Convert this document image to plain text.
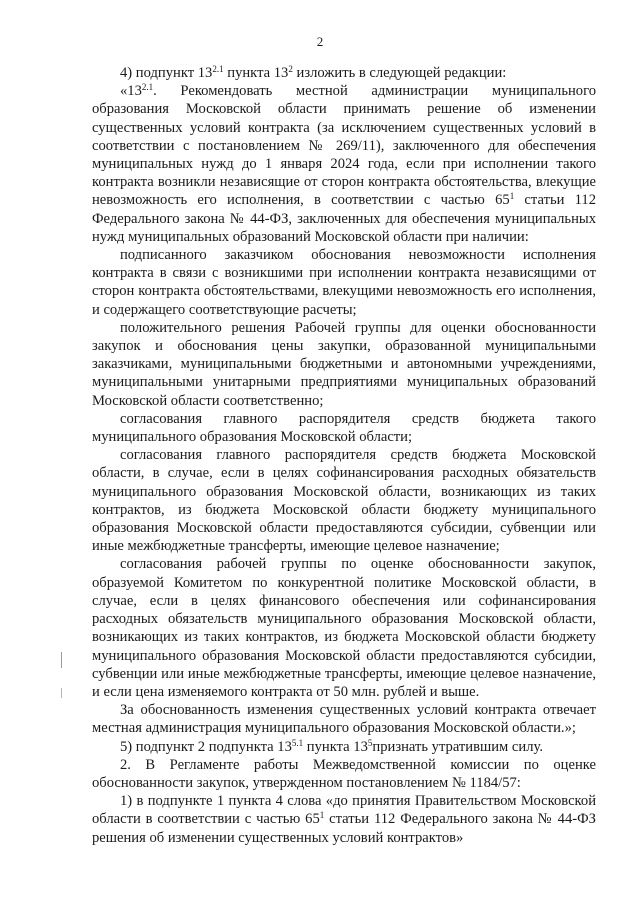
2

4) подпункт $13^{2.1}$ пункта $13^2$ изложить в следующей редакции:

«$13^{2.1}$. Рекомендовать местной администрации муниципального образования Московской области принимать решение об изменении существенных условий контракта (за исключением существенных условий в соответствии с постановлением № 269/11), заключенного для обеспечения муниципальных нужд до 1 января 2024 года, если при исполнении такого контракта возникли независящие от сторон контракта обстоятельства, влекущие невозможность его исполнения, в соответствии с частью $65^1$ статьи 112 Федерального закона № 44-ФЗ, заключенных для обеспечения муниципальных нужд муниципальных образований Московской области при наличии:

подписанного заказчиком обоснования невозможности исполнения контракта в связи с возникшими при исполнении контракта независящими от сторон контракта обстоятельствами, влекущими невозможность его исполнения, и содержащего соответствующие расчеты;

положительного решения Рабочей группы для оценки обоснованности закупок и обоснования цены закупки, образованной муниципальными заказчиками, муниципальными бюджетными и автономными учреждениями, муниципальными унитарными предприятиями муниципальных образований Московской области соответственно;

согласования главного распорядителя средств бюджета такого муниципального образования Московской области;

согласования главного распорядителя средств бюджета Московской области, в случае, если в целях софинансирования расходных обязательств муниципального образования Московской области, возникающих из таких контрактов, из бюджета Московской области бюджету муниципального образования Московской области предоставляются субсидии, субвенции или иные межбюджетные трансферты, имеющие целевое назначение;

согласования рабочей группы по оценке обоснованности закупок, образуемой Комитетом по конкурентной политике Московской области, в случае, если в целях финансового обеспечения или софинансирования расходных обязательств муниципального образования Московской области, возникающих из таких контрактов, из бюджета Московской области бюджету муниципального образования Московской области предоставляются субсидии, субвенции или иные межбюджетные трансферты, имеющие целевое назначение, и если цена изменяемого контракта от 50 млн. рублей и выше.

За обоснованность изменения существенных условий контракта отвечает местная администрация муниципального образования Московской области.»;

5) подпункт 2 подпункта $13^{5.1}$ пункта $13^5признать$ утратившим силу.

2. В Регламенте работы Межведомственной комиссии по оценке обоснованности закупок, утвержденном постановлением № 1184/57:

1) в подпункте 1 пункта 4 слова «до принятия Правительством Московской области в соответствии с частью $65^1$ статьи 112 Федерального закона № 44-ФЗ решения об изменении существенных условий контрактов»
